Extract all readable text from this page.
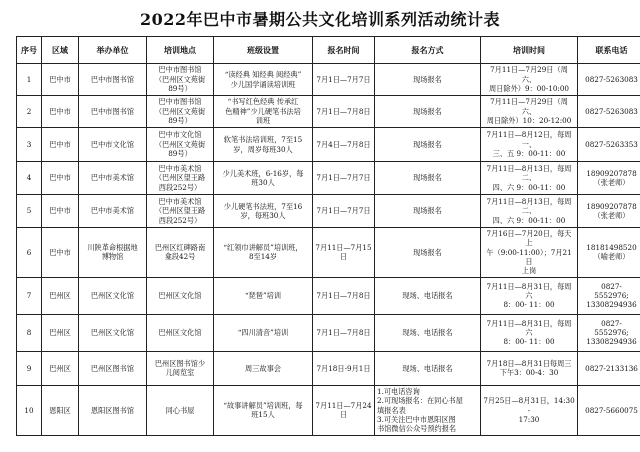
2022年巴中市暑期公共文化培训系列活动统计表
序号	区域	举办单位	培训地点	班级设置	报名时间	报名方式	培训时间	联系电话
1	巴中市	巴中市图书馆	巴中市图书馆
（巴州区文苑街
89号）	“读经典 知经典 阅经典”
少儿国学诵读培训班	7月1日—7月7日	现场报名	7月11日—7月29日（周六、
周日除外）9：00-10:00	0827-5263083
2	巴中市	巴中市图书馆	巴中市图书馆
（巴州区文苑街
89号）	“书写红色经典 传承红
色精神”少儿硬笔书法培
训班	7月1日—7月8日	现场报名	7月11日—7月29日（周六、
周日除外）10：20-12:00	0827-5263083
3	巴中市	巴中市文化馆	巴中市文化馆
（巴州区文苑街
89号）	软笔书法培训班，7至15
岁，周岁每班30人	7月4日—7月8日	现场报名	7月11日—8月12日，每周一、
三、五 9：00-11：00	0827-5263353
4	巴中市	巴中市美术馆	巴中市美术馆
（巴州区望王路
西段252号）	少儿美术班，6-16岁，每
班30人	7月1日—7月7日	现场报名	7月11日—8月13日，每周二、
四、六 9：00-11：00	18909207878
（张老师）
5	巴中市	巴中市美术馆	巴中市美术馆
（巴州区望王路
西段252号）	少儿硬笔书法班，7至16
岁，每班30人	7月1日—7月7日	现场报名	7月11日—8月13日，每周二、
四、六 9：00-11：00	18909207878
（张老师）
6	巴中市	川陕革命根据地
博物馆	巴州区红碑路南
龛段42号	“红领巾讲解员”培训班，
8至14岁	7月11日—7月15日	现场报名	7月16日—7月20日，每天上
午（9:00-11:00）；7月21日
上岗	18181498520
（喻老师）
7	巴州区	巴州区文化馆	巴州区文化馆	“琵琶”培训	7月1日—7月8日	现场、电话报名	7月11日—8月31日，每周六
8：00- 11：00	0827-
5552976;
13308294936
8	巴州区	巴州区文化馆	巴州区文化馆	“四川清音”培训	7月1日—7月8日	现场、电话报名	7月11日—8月31日，每周六
8：00- 11：00	0827-
5552976;
13308294936
9	巴州区	巴州区图书馆	巴州区图书馆少
儿阅览室	周三故事会	7月18日-9月1日	现场、电话报名	7月18日—8月31日每周三
下午3：00-4：30	0827-2133136
10	恩阳区	恩阳区图书馆	同心书屋	“故事讲解员”培训班，每
班15人	7月11日—7月24日	1.可电话咨询
2.可现场报名：在同心书屋
填报名表
3.可关注巴中市恩阳区图
书馆微信公众号预约报名	7月25日—8月31日，14:30-
17:30	0827-5660075
